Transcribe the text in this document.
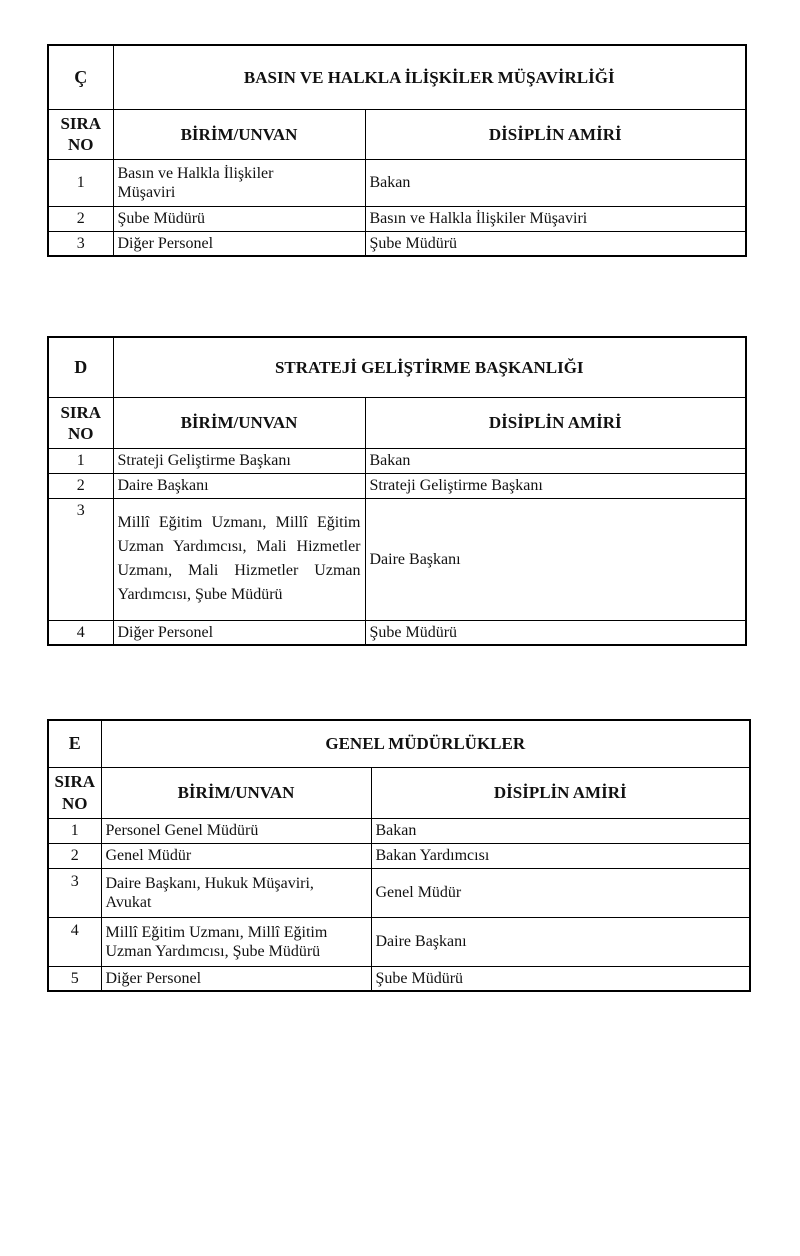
Ç	BASIN VE HALKLA İLİŞKİLER MÜŞAVİRLİĞİ	
SIRA NO	BİRİM/UNVAN	DİSİPLİN AMİRİ
1	Basın ve Halkla İlişkiler Müşaviri	Bakan
2	Şube Müdürü	Basın ve Halkla İlişkiler Müşaviri
3	Diğer Personel	Şube Müdürü
D	STRATEJİ GELİŞTİRME BAŞKANLIĞI	
SIRA NO	BİRİM/UNVAN	DİSİPLİN AMİRİ
1	Strateji Geliştirme Başkanı	Bakan
2	Daire Başkanı	Strateji Geliştirme Başkanı
3	Millî Eğitim Uzmanı, Millî Eğitim Uzman Yardımcısı, Mali Hizmetler Uzmanı, Mali Hizmetler Uzman Yardımcısı, Şube Müdürü	Daire Başkanı
4	Diğer Personel	Şube Müdürü
E	GENEL MÜDÜRLÜKLER	
SIRA NO	BİRİM/UNVAN	DİSİPLİN AMİRİ
1	Personel Genel Müdürü	Bakan
2	Genel Müdür	Bakan Yardımcısı
3	Daire Başkanı, Hukuk Müşaviri, Avukat	Genel Müdür
4	Millî Eğitim Uzmanı, Millî Eğitim Uzman Yardımcısı, Şube Müdürü	Daire Başkanı
5	Diğer Personel	Şube Müdürü
